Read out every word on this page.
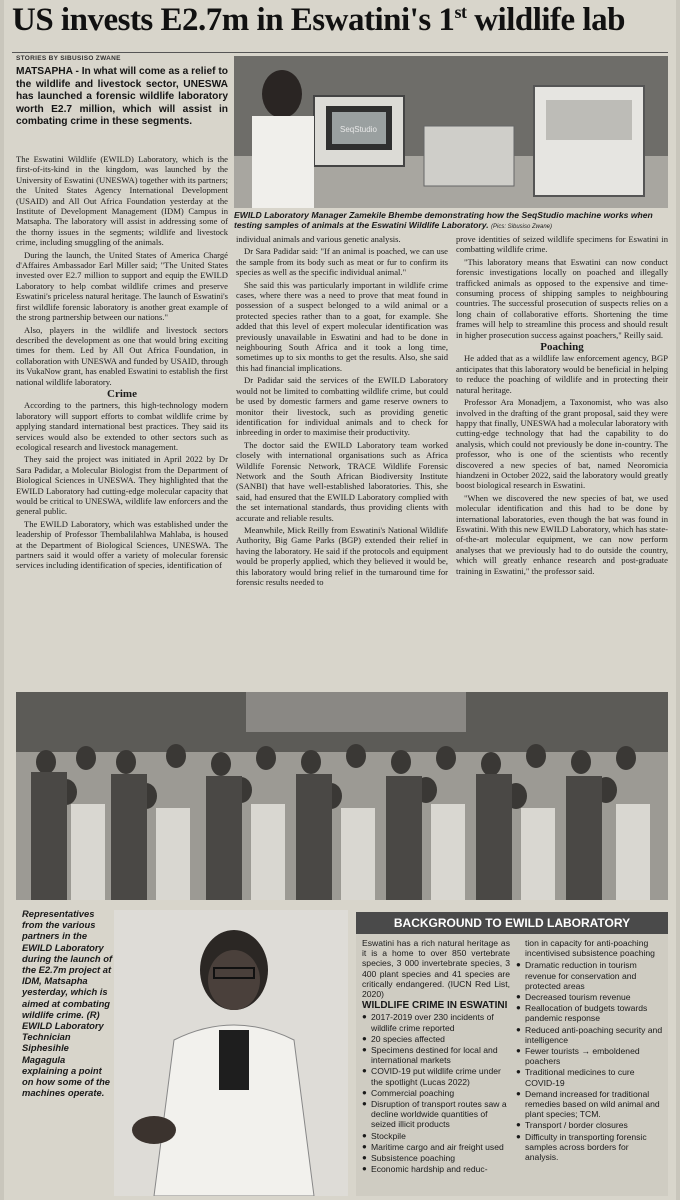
US invests E2.7m in Eswatini's 1st wildlife lab
STORIES BY SIBUSISO ZWANE
MATSAPHA - In what will come as a relief to the wildlife and livestock sector, UNESWA has launched a forensic wildlife laboratory worth E2.7 million, which will assist in combating crime in these segments.

The Eswatini Wildlife (EWILD) Laboratory, which is the first-of-its-kind in the kingdom, was launched by the University of Eswatini (UNESWA) together with its partners; the United States Agency International Development (USAID) and All Out Africa Foundation yesterday at the Institute of Development Management (IDM) Campus in Matsapha. The laboratory will assist in addressing some of the thorny issues in the segments; wildlife and livestock crime, including smuggling of the animals.

During the launch, the United States of America Chargé d'Affaires Ambassador Earl Miller said; "The United States invested over E2.7 million to support and equip the EWILD Laboratory to help combat wildlife crimes and preserve Eswatini's priceless natural heritage. The launch of Eswatini's first wildlife forensic laboratory is another great example of the strong partnership between our nations."

Also, players in the wildlife and livestock sectors described the development as one that would bring exciting times for them. Led by All Out Africa Foundation, in collaboration with UNESWA and funded by USAID, through its VukaNow grant, has enabled Eswatini to establish the first national wildlife laboratory.

Crime

According to the partners, this high-technology modern laboratory will support efforts to combat wildlife crime by applying standard international best practices. They said its services would also be extended to other sectors such as ecological research and livestock management.

They said the project was initiated in April 2022 by Dr Sara Padidar, a Molecular Biologist from the Department of Biological Sciences in UNESWA. They highlighted that the EWILD Laboratory had cutting-edge molecular capacity that would be critical to UNESWA, wildlife law enforcers and the general public.

The EWILD Laboratory, which was established under the leadership of Professor Thembalilahlwa Mahlaba, is housed at the Department of Biological Sciences, UNESWA. The partners said it would offer a variety of molecular forensic services including identification of species, identification of

SeqStudio
EWILD Laboratory Manager Zamekile Bhembe demonstrating how the SeqStudio machine works when testing samples of animals at the Eswatini Wildlife Laboratory. (Pics: Sibusiso Zwane)

individual animals and various genetic analysis.

Dr Sara Padidar said: "If an animal is poached, we can use the sample from its body such as meat or fur to confirm its species as well as the specific individual animal."

She said this was particularly important in wildlife crime cases, where there was a need to prove that meat found in possession of a suspect belonged to a wild animal or a protected species rather than to a goat, for example. She added that this level of expert molecular identification was previously unavailable in Eswatini and had to be done in neighbouring South Africa and it took a long time, sometimes up to six months to get the results. Also, she said this had financial implications.

Dr Padidar said the services of the EWILD Laboratory would not be limited to combatting wildlife crime, but could be used by domestic farmers and game reserve owners to monitor their livestock, such as providing genetic identification for individual animals and to check for inbreeding in order to maximise their productivity.

The doctor said the EWILD Laboratory team worked closely with international organisations such as Africa Wildlife Forensic Network, TRACE Wildlife Forensic Network and the South African Biodiversity Institute (SANBI) that have well-established laboratories. This, she said, had ensured that the EWILD Laboratory complied with the set international standards, thus providing clients with accurate and reliable results.

Meanwhile, Mick Reilly from Eswatini's National Wildlife Authority, Big Game Parks (BGP) extended their relief in having the laboratory. He said if the protocols and equipment would be properly applied, which they believed it would be, this laboratory would bring relief in the turnaround time for forensic results needed to

prove identities of seized wildlife specimens for Eswatini in combatting wildlife crime.

"This laboratory means that Eswatini can now conduct forensic investigations locally on poached and illegally trafficked animals as opposed to the expensive and time-consuming process of shipping samples to neighbouring countries. The successful prosecution of suspects relies on a long chain of collaborative efforts. Shortening the time frames will help to streamline this process and should result in higher prosecution success against poachers," Reilly said.

Poaching

He added that as a wildlife law enforcement agency, BGP anticipates that this laboratory would be beneficial in helping to reduce the poaching of wildlife and in protecting their natural heritage.

Professor Ara Monadjem, a Taxonomist, who was also involved in the drafting of the grant proposal, said they were happy that finally, UNESWA had a molecular laboratory with cutting-edge technology that had the capability to do analysis, which could not previously be done in-country. The professor, who is one of the scientists who recently discovered a new species of bat, named Neoromicia hiandzeni in October 2022, said the laboratory would greatly boost biological research in Eswatini.

"When we discovered the new species of bat, we used molecular identification and this had to be done by international laboratories, even though the bat was found in Eswatini. With this new EWILD Laboratory, which has state-of-the-art molecular equipment, we can now perform analyses that we previously had to do outside the country, which will greatly enhance research and post-graduate training in Eswatini," the professor said.

Representatives from the various partners in the EWILD Laboratory during the launch of the E2.7m project at IDM, Matsapha yesterday, which is aimed at combating wildlife crime. (R) EWILD Laboratory Technician Siphesihle Magagula explaining a point on how some of the machines operate.
BACKGROUND TO EWILD LABORATORY
Eswatini has a rich natural heritage as it is a home to over 850 vertebrate species, 3 000 invertebrate species, 3 400 plant species and 41 species are critically endangered. (IUCN Red List, 2020)
WILDLIFE CRIME IN ESWATINI
● 2017-2019 over 230 incidents of wildlife crime reported
● 20 species affected
● Specimens destined for local and international markets
● COVID-19 put wildlife crime under the spotlight (Lucas 2022)
● Commercial poaching
● Disruption of transport routes saw a decline worldwide quantities of seized illicit products
● Stockpile
● Maritime cargo and air freight used
● Subsistence poaching
● Economic hardship and reduc-
tion in capacity for anti-poaching incentivised subsistence poaching
● Dramatic reduction in tourism revenue for conservation and protected areas
● Decreased tourism revenue
● Reallocation of budgets towards pandemic response
● Reduced anti-poaching security and intelligence
● Fewer tourists → emboldened poachers
● Traditional medicines to cure COVID-19
● Demand increased for traditional remedies based on wild animal and plant species; TCM.
● Transport / border closures
● Difficulty in transporting forensic samples across borders for analysis.
